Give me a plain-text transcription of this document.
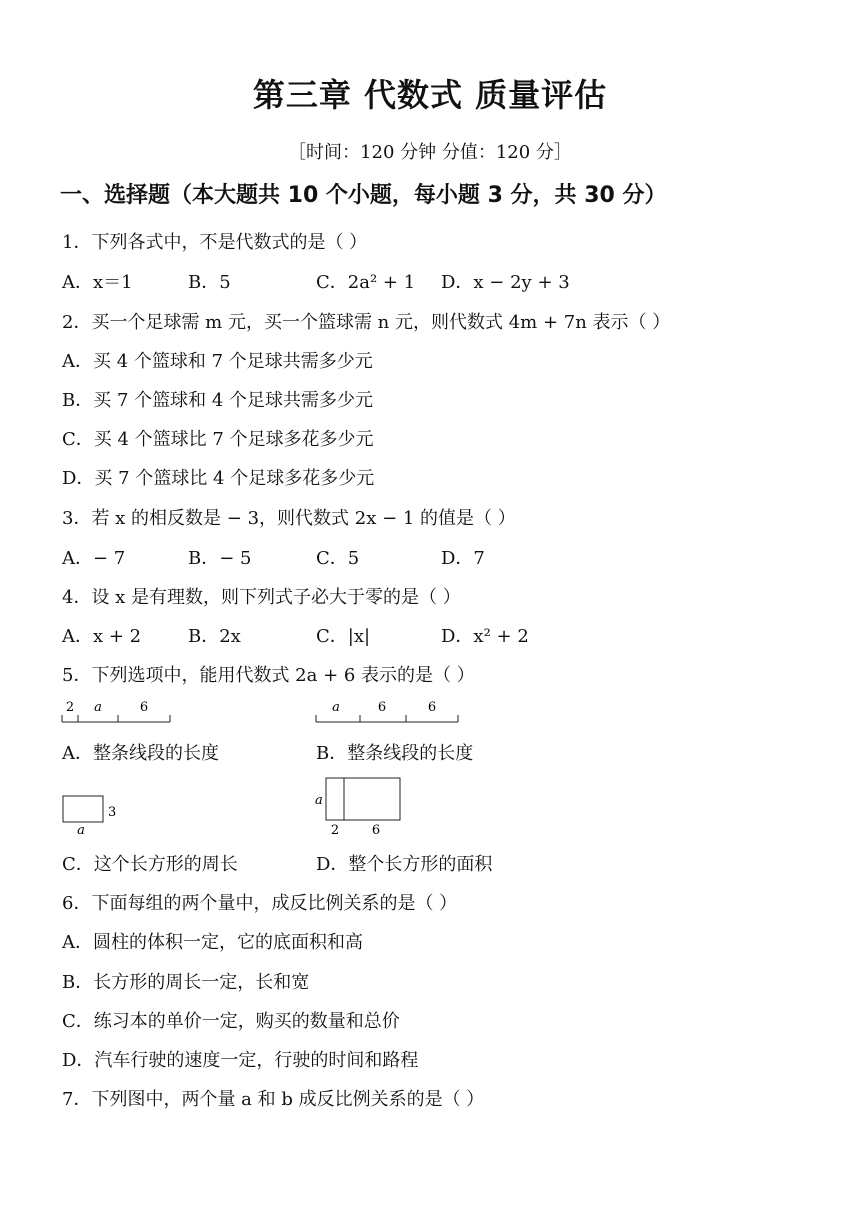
第三章 代数式 质量评估
［时间：120 分钟 分值：120 分］
一、选择题（本大题共 10 个小题，每小题 3 分，共 30 分）
1．下列各式中，不是代数式的是（ ）
A．x＝1	B．5	C．2a² + 1 D．x − 2y + 3
2．买一个足球需 m 元，买一个篮球需 n 元，则代数式 4m + 7n 表示（ ）
A．买 4 个篮球和 7 个足球共需多少元
B．买 7 个篮球和 4 个足球共需多少元
C．买 4 个篮球比 7 个足球多花多少元
D．买 7 个篮球比 4 个足球多花多少元
3．若 x 的相反数是 − 3，则代数式 2x − 1 的值是（ ）
A．− 7	B．− 5	C．5	D．7
4．设 x 是有理数，则下列式子必大于零的是（ ）
A．x + 2	B．2x	C．|x|	D．x² + 2
5．下列选项中，能用代数式 2a + 6 表示的是（ ）
2 a	6	a	6	6
A．整条线段的长度	B．整条线段的长度
3
a
a
2	6
C．这个长方形的周长	D．整个长方形的面积
6．下面每组的两个量中，成反比例关系的是（ ）
A．圆柱的体积一定，它的底面积和高
B．长方形的周长一定，长和宽
C．练习本的单价一定，购买的数量和总价
D．汽车行驶的速度一定，行驶的时间和路程
7．下列图中，两个量 a 和 b 成反比例关系的是（ ）
